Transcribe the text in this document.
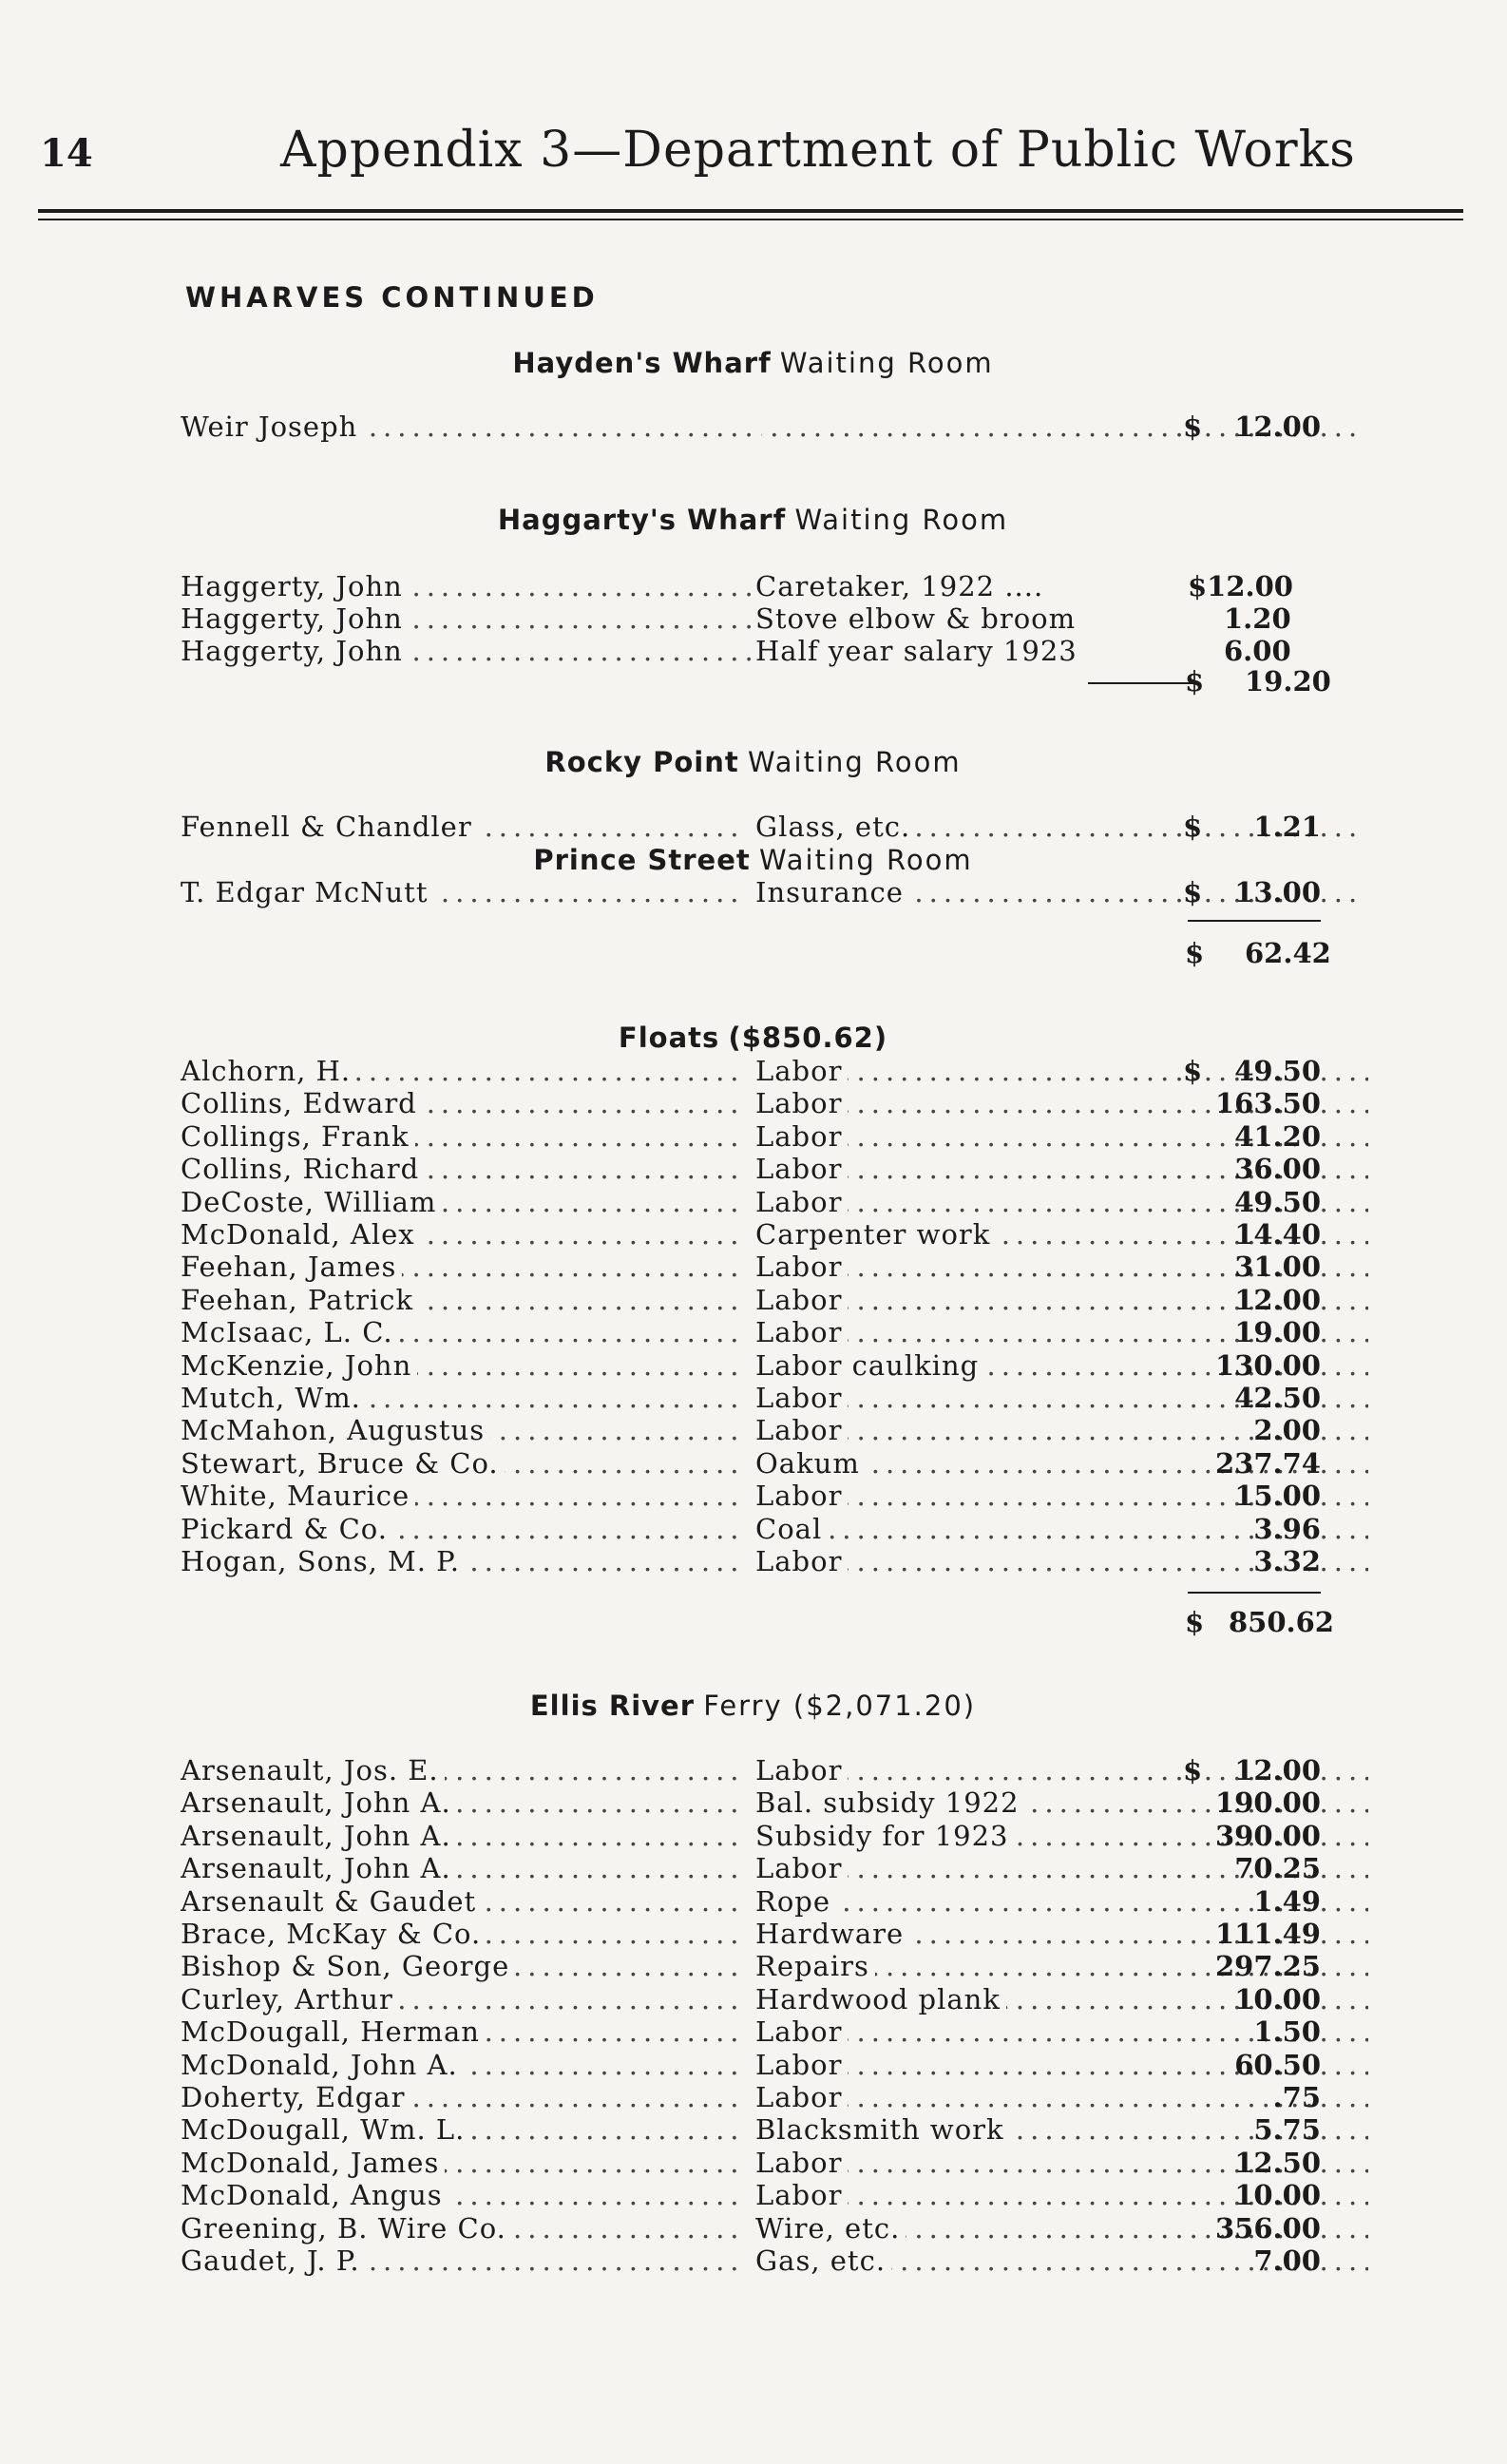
14	Appendix 3—Department of Public Works
WHARVES CONTINUED
Hayden's Wharf Waiting Room
Weir Joseph .....
.....	$ 12.00
Haggarty's Wharf Waiting Room
Haggerty, John .....	Caretaker, 1922 ....	$12.00
Haggerty, John .....	Stove elbow & broom	1.20
Haggerty, John .....	Half year salary 1923	6.00
$ 19.20
Rocky Point Waiting Room
Fennell & Chandler .....	Glass, etc. .....	$ 1.21
Prince Street Waiting Room
T. Edgar McNutt .....	Insurance .....	$ 13.00
$ 62.42
Floats ($850.62)
Alchorn, H. .....	Labor .....	$ 49.50
Collins, Edward .....	Labor .....	163.50
Collings, Frank .....	Labor .....	41.20
Collins, Richard .....	Labor .....	36.00
DeCoste, William .....	Labor .....	49.50
McDonald, Alex .....	Carpenter work .....	14.40
Feehan, James .....	Labor .....	31.00
Feehan, Patrick .....	Labor .....	12.00
McIsaac, L. C. .....	Labor .....	19.00
McKenzie, John .....	Labor caulking .....	130.00
Mutch, Wm. .....	Labor .....	42.50
McMahon, Augustus .....	Labor .....	2.00
Stewart, Bruce & Co. .....	Oakum .....	237.74
White, Maurice .....	Labor .....	15.00
Pickard & Co. .....	Coal .....	3.96
Hogan, Sons, M. P. .....	Labor .....	3.32
$ 850.62
Ellis River Ferry ($2,071.20)
Arsenault, Jos. E. .....	Labor .....	$ 12.00
Arsenault, John A. .....	Bal. subsidy 1922 .....	190.00
Arsenault, John A. .....	Subsidy for 1923 .....	390.00
Arsenault, John A. .....	Labor .....	70.25
Arsenault & Gaudet .....	Rope .....	1.49
Brace, McKay & Co. .....	Hardware .....	111.49
Bishop & Son, George .....	Repairs .....	297.25
Curley, Arthur .....	Hardwood plank .....	10.00
McDougall, Herman .....	Labor .....	1.50
McDonald, John A. .....	Labor .....	60.50
Doherty, Edgar .....	Labor .....	.75
McDougall, Wm. L. .....	Blacksmith work .....	5.75
McDonald, James .....	Labor .....	12.50
McDonald, Angus .....	Labor .....	10.00
Greening, B. Wire Co. .....	Wire, etc. .....	356.00
Gaudet, J. P. .....	Gas, etc. .....	7.00
